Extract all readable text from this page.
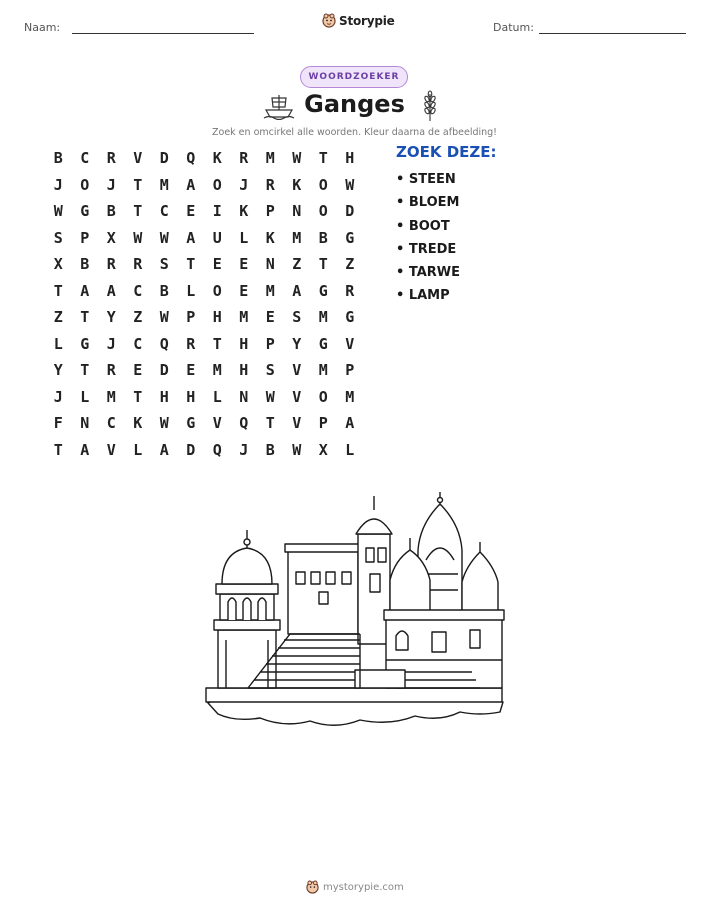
Naam:	Storypie	Datum:
WOORDZOEKER
Ganges
Zoek en omcirkel alle woorden. Kleur daarna de afbeelding!
B	C	R	V	D	Q	K	R	M	W	T	H
J	O	J	T	M	A	O	J	R	K	O	W
W	G	B	T	C	E	I	K	P	N	O	D
S	P	X	W	W	A	U	L	K	M	B	G
X	B	R	R	S	T	E	E	N	Z	T	Z
T	A	A	C	B	L	O	E	M	A	G	R
Z	T	Y	Z	W	P	H	M	E	S	M	G
L	G	J	C	Q	R	T	H	P	Y	G	V
Y	T	R	E	D	E	M	H	S	V	M	P
J	L	M	T	H	H	L	N	W	V	O	M
F	N	C	K	W	G	V	Q	T	V	P	A
T	A	V	L	A	D	Q	J	B	W	X	L
ZOEK DEZE:
• STEEN
• BLOEM
• BOOT
• TREDE
• TARWE
• LAMP
mystorypie.com
